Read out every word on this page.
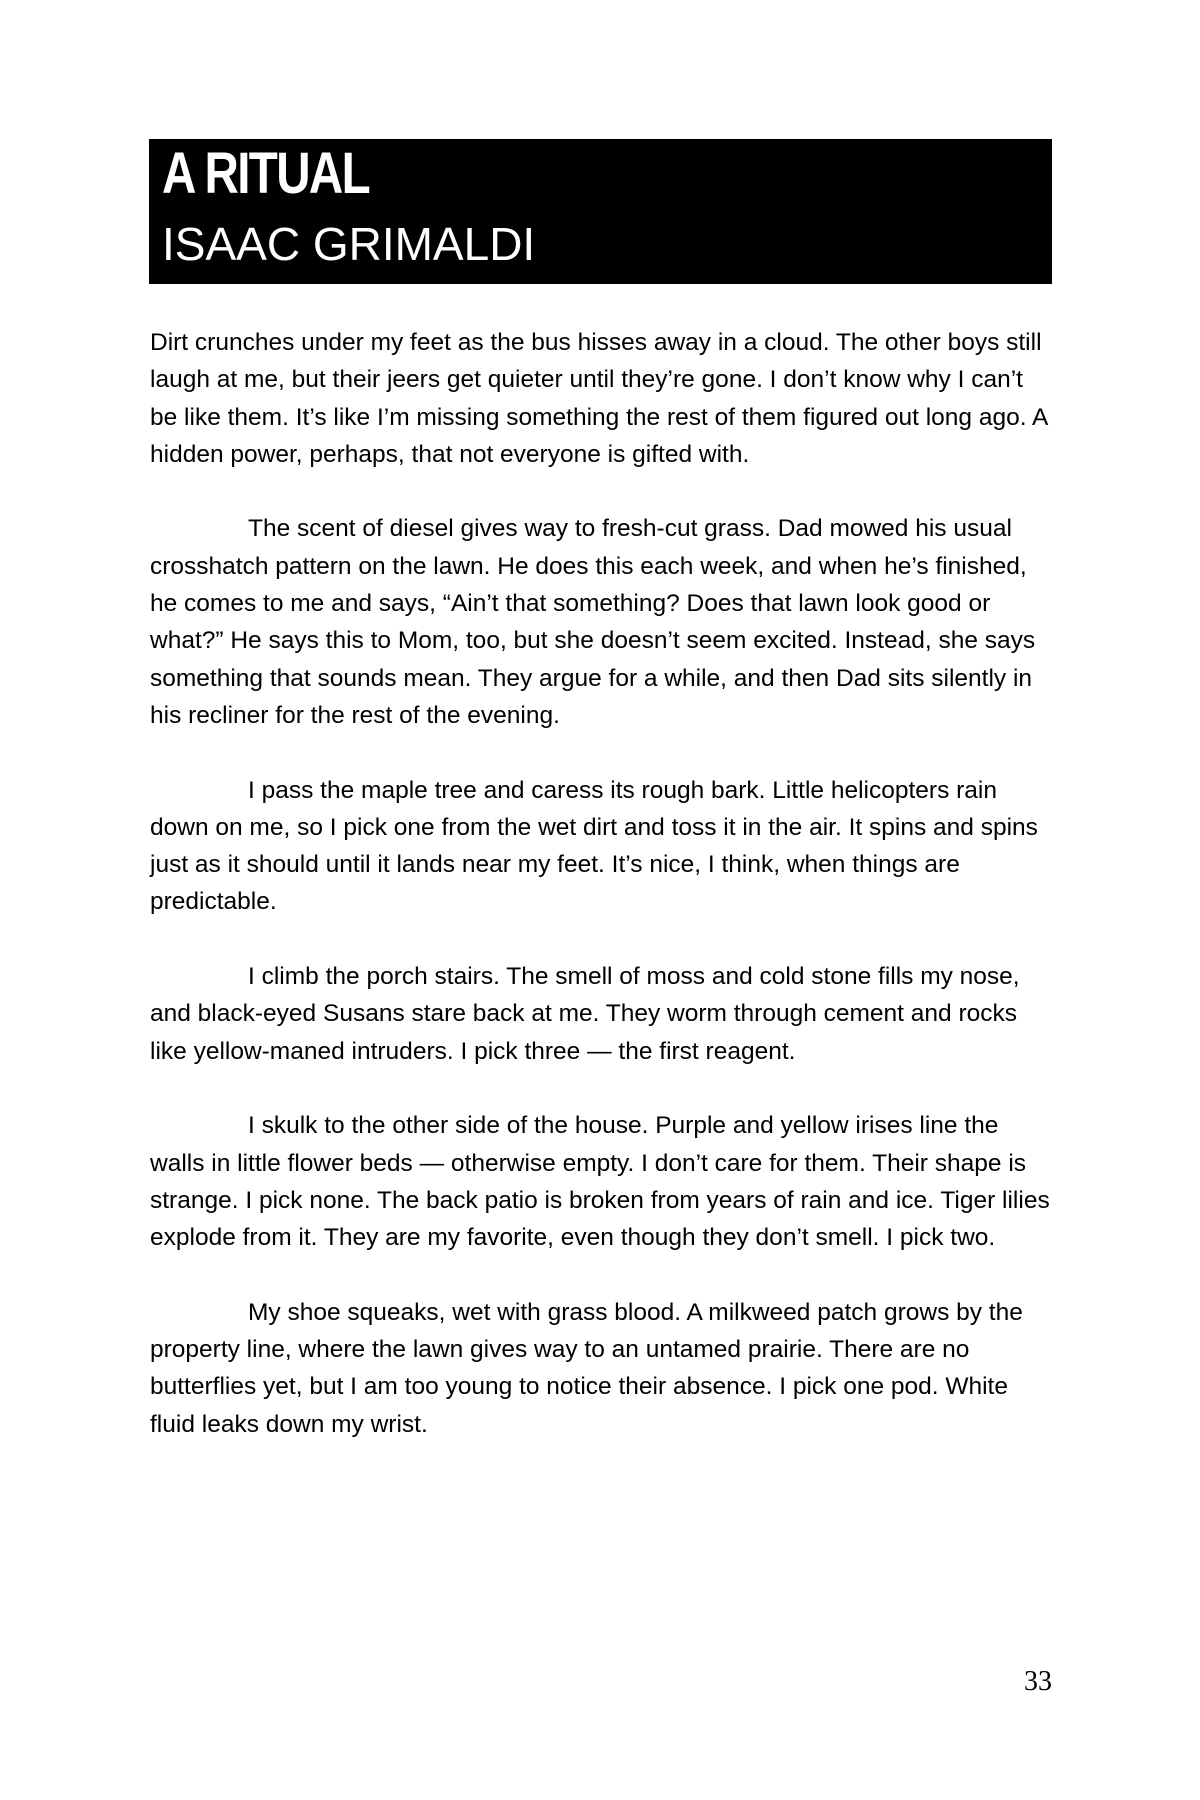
A RITUAL
ISAAC GRIMALDI

Dirt crunches under my feet as the bus hisses away in a cloud. The other boys still laugh at me, but their jeers get quieter until they’re gone. I don’t know why I can’t be like them. It’s like I’m missing something the rest of them figured out long ago. A hidden power, perhaps, that not everyone is gifted with.

The scent of diesel gives way to fresh-cut grass. Dad mowed his usual crosshatch pattern on the lawn. He does this each week, and when he’s finished, he comes to me and says, “Ain’t that something? Does that lawn look good or what?” He says this to Mom, too, but she doesn’t seem excited. Instead, she says something that sounds mean. They argue for a while, and then Dad sits silently in his recliner for the rest of the evening.

I pass the maple tree and caress its rough bark. Little helicopters rain down on me, so I pick one from the wet dirt and toss it in the air. It spins and spins just as it should until it lands near my feet. It’s nice, I think, when things are predictable.

I climb the porch stairs. The smell of moss and cold stone fills my nose, and black-eyed Susans stare back at me. They worm through cement and rocks like yellow-maned intruders. I pick three — the first reagent.

I skulk to the other side of the house. Purple and yellow irises line the walls in little flower beds — otherwise empty. I don’t care for them. Their shape is strange. I pick none. The back patio is broken from years of rain and ice. Tiger lilies explode from it. They are my favorite, even though they don’t smell. I pick two.

My shoe squeaks, wet with grass blood. A milkweed patch grows by the property line, where the lawn gives way to an untamed prairie. There are no butterflies yet, but I am too young to notice their absence. I pick one pod. White fluid leaks down my wrist.

33
